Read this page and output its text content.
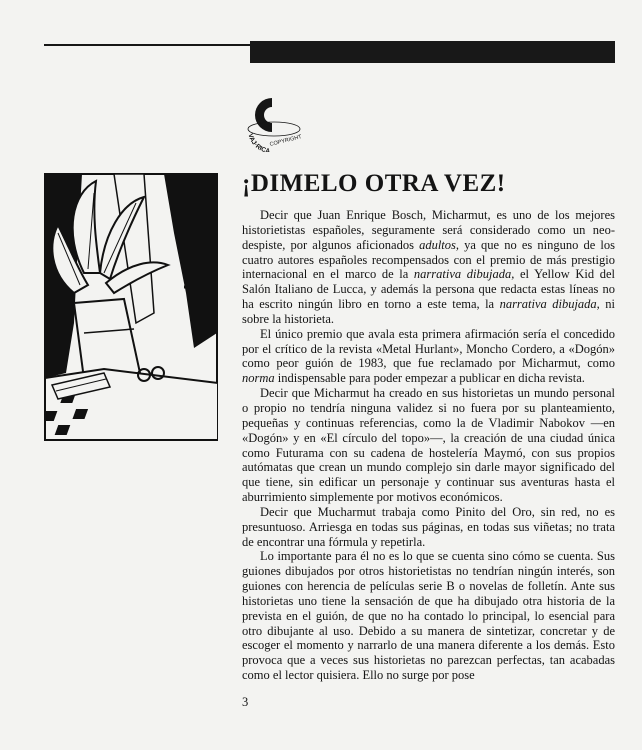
VAJ·RICA
COPYRIGHT
¡DIMELO OTRA VEZ!

Decir que Juan Enrique Bosch, Micharmut, es uno de los mejores historietistas españoles, seguramente será considerado como un neo-despiste, por algunos aficionados adultos, ya que no es ninguno de los cuatro autores españoles recompensados con el premio de más prestigio internacional en el marco de la narrativa dibujada, el Yellow Kid del Salón Italiano de Lucca, y además la persona que redacta estas líneas no ha escrito ningún libro en torno a este tema, la narrativa dibujada, ni sobre la historieta.

El único premio que avala esta primera afirmación sería el concedido por el crítico de la revista «Metal Hurlant», Moncho Cordero, a «Dogón» como peor guión de 1983, que fue reclamado por Micharmut, como norma indispensable para poder empezar a publicar en dicha revista.

Decir que Micharmut ha creado en sus historietas un mundo personal o propio no tendría ninguna validez si no fuera por su planteamiento, pequeñas y continuas referencias, como la de Vladimir Nabokov —en «Dogón» y en «El círculo del topo»—, la creación de una ciudad única como Futurama con su cadena de hostelería Maymó, con sus propios autómatas que crean un mundo complejo sin darle mayor significado del que tiene, sin edificar un personaje y continuar sus aventuras hasta el aburrimiento simplemente por motivos económicos.

Decir que Mucharmut trabaja como Pinito del Oro, sin red, no es presuntuoso. Arriesga en todas sus páginas, en todas sus viñetas; no trata de encontrar una fórmula y repetirla.

Lo importante para él no es lo que se cuenta sino cómo se cuenta. Sus guiones dibujados por otros historietistas no tendrían ningún interés, son guiones con herencia de películas serie B o novelas de folletín. Ante sus historietas uno tiene la sensación de que ha dibujado otra historia de la prevista en el guión, de que no ha contado lo principal, lo esencial para otro dibujante al uso. Debido a su manera de sintetizar, concretar y de escoger el momento y narrarlo de una manera diferente a los demás. Esto provoca que a veces sus historietas no parezcan perfectas, tan acabadas como el lector quisiera. Ello no surge por pose

3
